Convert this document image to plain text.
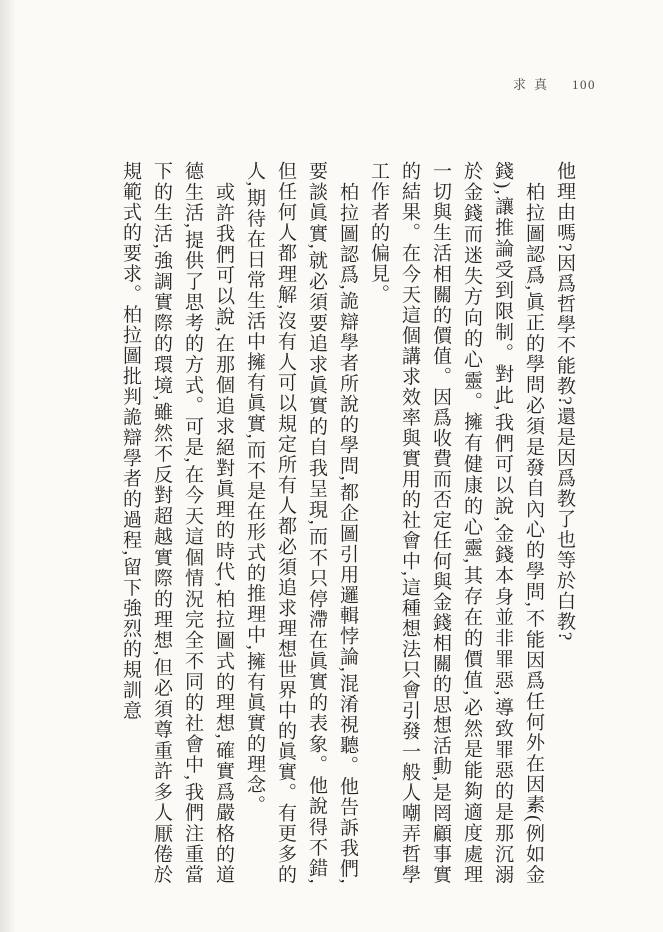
求真 100

他理由嗎?因爲哲學不能教?還是因爲教了也等於白教?

柏拉圖認爲,眞正的學問必須是發自內心的學問,不能因爲任何外在因素(例如金錢),讓推論受到限制。對此,我們可以說,金錢本身並非罪惡,導致罪惡的是那沉溺於金錢而迷失方向的心靈。擁有健康的心靈,其存在的價值,必然是能夠適度處理一切與生活相關的價值。因爲收費而否定任何與金錢相關的思想活動,是罔顧事實的結果。在今天這個講求效率與實用的社會中,這種想法只會引發一般人嘲弄哲學工作者的偏見。

柏拉圖認爲,詭辯學者所說的學問,都企圖引用邏輯悖論,混淆視聽。他告訴我們,要談眞實,就必須要追求眞實的自我呈現,而不只停滯在眞實的表象。他說得不錯,但任何人都理解,沒有人可以規定所有人都必須追求理想世界中的眞實。有更多的人,期待在日常生活中擁有眞實,而不是在形式的推理中,擁有眞實的理念。

或許我們可以說,在那個追求絕對眞理的時代,柏拉圖式的理想,確實爲嚴格的道德生活,提供了思考的方式。可是,在今天這個情況完全不同的社會中,我們注重當下的生活,強調實際的環境,雖然不反對超越實際的理想,但必須尊重許多人厭倦於規範式的要求。柏拉圖批判詭辯學者的過程,留下強烈的規訓意
